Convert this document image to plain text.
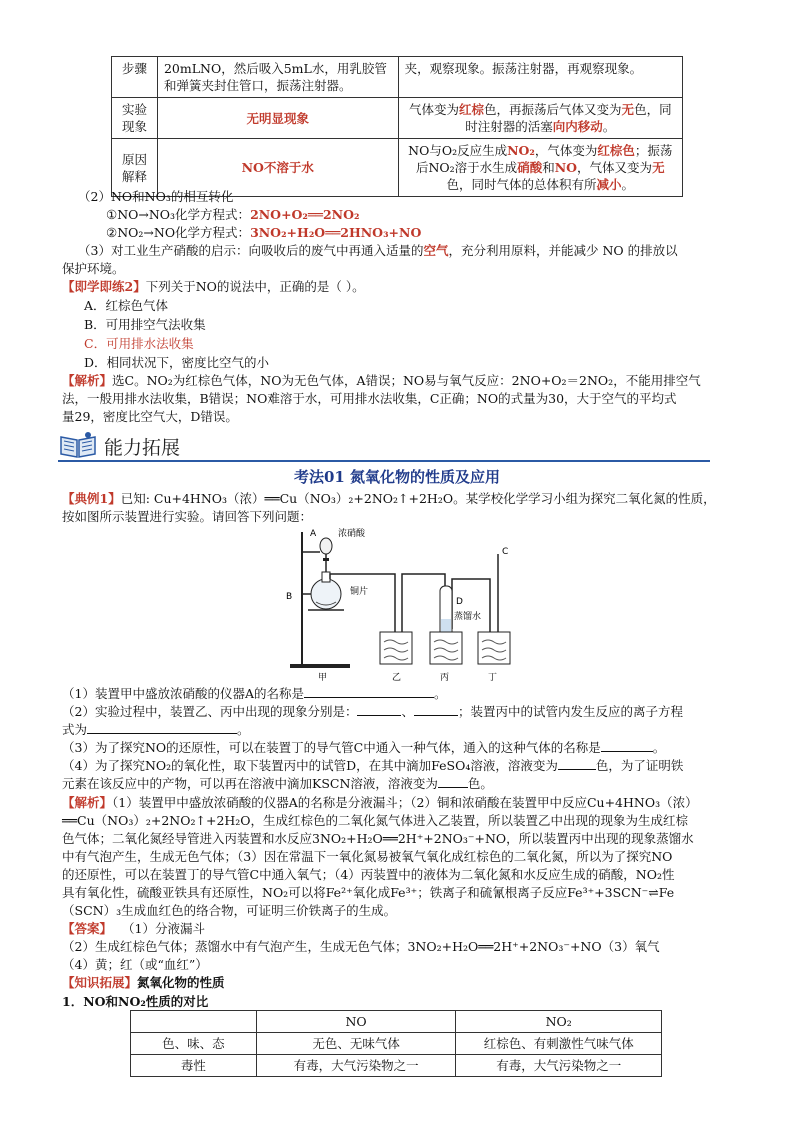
步骤	20mLNO，然后吸入5mL水，用乳胶管和弹簧夹封住管口，振荡注射器。	夹，观察现象。振荡注射器，再观察现象。
实验现象	无明显现象	气体变为红棕色，再振荡后气体又变为无色，同时注射器的活塞向内移动。
原因解释	NO不溶于水	NO与O₂反应生成NO₂，气体变为红棕色；振荡后NO₂溶于水生成硝酸和NO，气体又变为无色，同时气体的总体积有所减小。
（2）NO和NO₃的相互转化
①NO→NO₃化学方程式：2NO+O₂══2NO₂
②NO₂→NO化学方程式：3NO₂+H₂O══2HNO₃+NO
（3）对工业生产硝酸的启示：向吸收后的废气中再通入适量的空气，充分利用原料，并能减少 NO 的排放以
保护环境。
【即学即练2】下列关于NO的说法中，正确的是（ ）。
A．红棕色气体
B．可用排空气法收集
C．可用排水法收集
D．相同状况下，密度比空气的小
【解析】选C。NO₂为红棕色气体，NO为无色气体，A错误；NO易与氧气反应：2NO+O₂＝2NO₂，不能用排空气
法，一般用排水法收集，B错误；NO难溶于水，可用排水法收集，C正确；NO的式量为30，大于空气的平均式
量29，密度比空气大，D错误。
能力拓展
考法01 氮氧化物的性质及应用
【典例1】已知: Cu+4HNO₃（浓）══Cu（NO₃）₂+2NO₂↑+2H₂O。某学校化学学习小组为探究二氧化氮的性质，
按如图所示装置进行实验。请回答下列问题：
A 浓硝酸
B	铜片
C
D
蒸馏水
甲	乙	丙	丁
（1）装置甲中盛放浓硝酸的仪器A的名称是	。
（2）实验过程中，装置乙、丙中出现的现象分别是：	、	；装置丙中的试管内发生反应的离子方程
式为	。
（3）为了探究NO的还原性，可以在装置丁的导气管C中通入一种气体，通入的这种气体的名称是	。
（4）为了探究NO₂的氧化性，取下装置丙中的试管D，在其中滴加FeSO₄溶液，溶液变为	色，为了证明铁
元素在该反应中的产物，可以再在溶液中滴加KSCN溶液，溶液变为 色。
【解析】（1）装置甲中盛放浓硝酸的仪器A的名称是分液漏斗；（2）铜和浓硝酸在装置甲中反应Cu+4HNO₃（浓）
══Cu（NO₃）₂+2NO₂↑+2H₂O，生成红棕色的二氧化氮气体进入乙装置，所以装置乙中出现的现象为生成红棕
色气体；二氧化氮经导管进入丙装置和水反应3NO₂+H₂O══2H⁺+2NO₃⁻+NO，所以装置丙中出现的现象蒸馏水
中有气泡产生，生成无色气体；（3）因在常温下一氧化氮易被氧气氧化成红棕色的二氧化氮，所以为了探究NO
的还原性，可以在装置丁的导气管C中通入氧气；（4）丙装置中的液体为二氧化氮和水反应生成的硝酸，NO₂性
具有氧化性，硫酸亚铁具有还原性，NO₂可以将Fe²⁺氧化成Fe³⁺；铁离子和硫氰根离子反应Fe³⁺+3SCN⁻⇌Fe
（SCN）₃生成血红色的络合物，可证明三价铁离子的生成。
【答案】 （1）分液漏斗
（2）生成红棕色气体；蒸馏水中有气泡产生，生成无色气体；3NO₂+H₂O══2H⁺+2NO₃⁻+NO（3）氧气
（4）黄；红（或“血红”）
【知识拓展】氮氧化物的性质
1．NO和NO₂性质的对比
	NO	NO₂
色、味、态	无色、无味气体	红棕色、有刺激性气味气体
毒性	有毒，大气污染物之一	有毒，大气污染物之一
